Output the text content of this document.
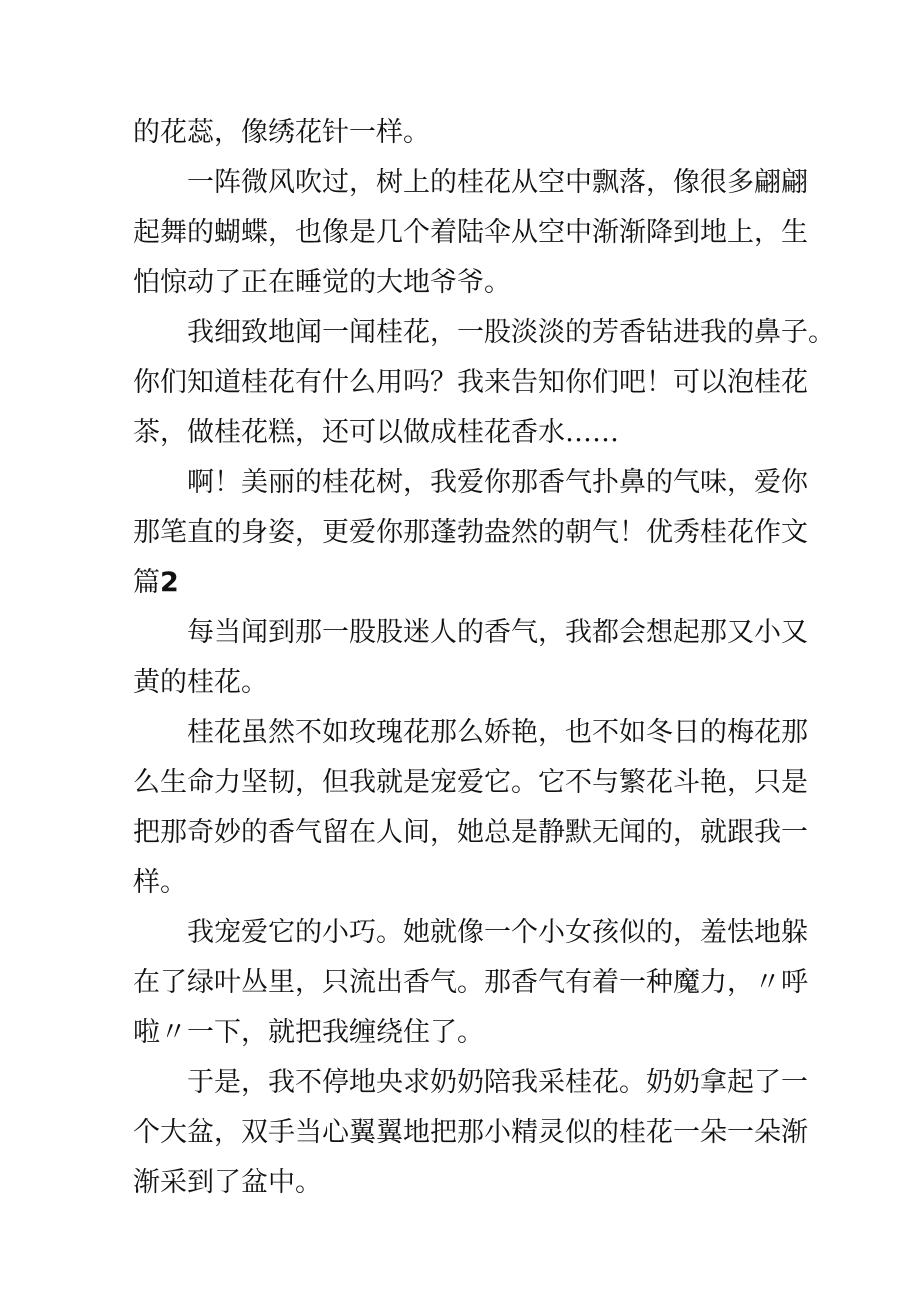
的花蕊，像绣花针一样。

一阵微风吹过，树上的桂花从空中飘落，像很多翩翩

起舞的蝴蝶，也像是几个着陆伞从空中渐渐降到地上，生

怕惊动了正在睡觉的大地爷爷。

我细致地闻一闻桂花，一股淡淡的芳香钻进我的鼻子。

你们知道桂花有什么用吗？我来告知你们吧！可以泡桂花

茶，做桂花糕，还可以做成桂花香水……

啊！美丽的桂花树，我爱你那香气扑鼻的气味，爱你

那笔直的身姿，更爱你那蓬勃盎然的朝气！优秀桂花作文

篇2

每当闻到那一股股迷人的香气，我都会想起那又小又

黄的桂花。

桂花虽然不如玫瑰花那么娇艳，也不如冬日的梅花那

么生命力坚韧，但我就是宠爱它。它不与繁花斗艳，只是

把那奇妙的香气留在人间，她总是静默无闻的，就跟我一

样。

我宠爱它的小巧。她就像一个小女孩似的，羞怯地躲

在了绿叶丛里，只流出香气。那香气有着一种魔力，〃呼

啦〃一下，就把我缠绕住了。

于是，我不停地央求奶奶陪我采桂花。奶奶拿起了一

个大盆，双手当心翼翼地把那小精灵似的桂花一朵一朵渐

渐采到了盆中。
